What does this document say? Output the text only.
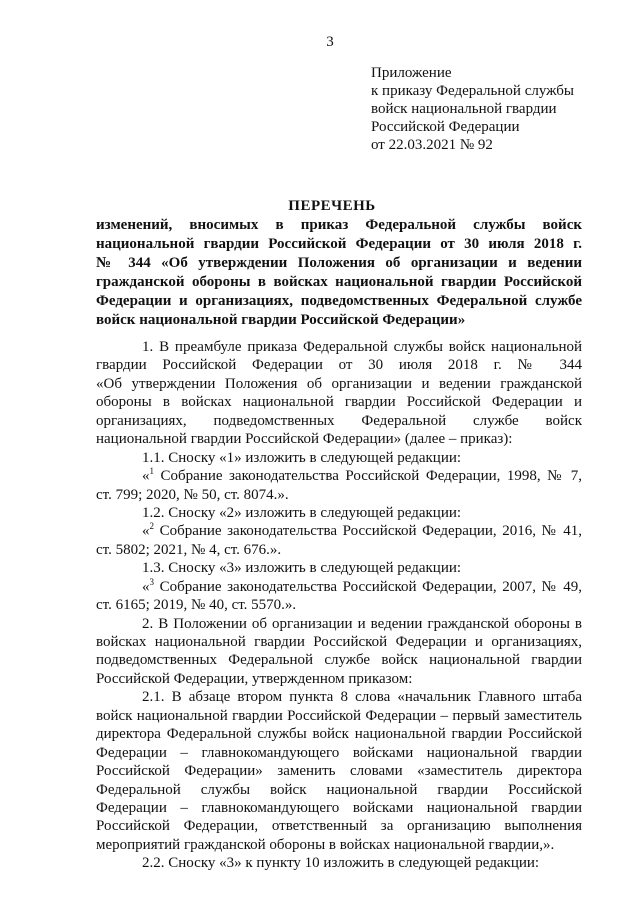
3
Приложение
к приказу Федеральной службы
войск национальной гвардии
Российской Федерации
от 22.03.2021 № 92
ПЕРЕЧЕНЬ
изменений, вносимых в приказ Федеральной службы войск
национальной гвардии Российской Федерации от 30 июля 2018 г.
№ 344 «Об утверждении Положения об организации и ведении
гражданской обороны в войсках национальной гвардии Российской
Федерации и организациях, подведомственных Федеральной службе
войск национальной гвардии Российской Федерации»
1. В преамбуле приказа Федеральной службы войск национальной
гвардии Российской Федерации от 30 июля 2018 г. № 344
«Об утверждении Положения об организации и ведении гражданской
обороны в войсках национальной гвардии Российской Федерации и
организациях, подведомственных Федеральной службе войск
национальной гвардии Российской Федерации» (далее – приказ):
1.1. Сноску «1» изложить в следующей редакции:
«$^1$ Собрание законодательства Российской Федерации, 1998, № 7,
ст. 799; 2020, № 50, ст. 8074.».
1.2. Сноску «2» изложить в следующей редакции:
«$^2$ Собрание законодательства Российской Федерации, 2016, № 41,
ст. 5802; 2021, № 4, ст. 676.».
1.3. Сноску «3» изложить в следующей редакции:
«$^3$ Собрание законодательства Российской Федерации, 2007, № 49,
ст. 6165; 2019, № 40, ст. 5570.».
2. В Положении об организации и ведении гражданской обороны в
войсках национальной гвардии Российской Федерации и организациях,
подведомственных Федеральной службе войск национальной гвардии
Российской Федерации, утвержденном приказом:
2.1. В абзаце втором пункта 8 слова «начальник Главного штаба
войск национальной гвардии Российской Федерации – первый заместитель
директора Федеральной службы войск национальной гвардии Российской
Федерации – главнокомандующего войсками национальной гвардии
Российской Федерации» заменить словами «заместитель директора
Федеральной службы войск национальной гвардии Российской
Федерации – главнокомандующего войсками национальной гвардии
Российской Федерации, ответственный за организацию выполнения
мероприятий гражданской обороны в войсках национальной гвардии,».
2.2. Сноску «3» к пункту 10 изложить в следующей редакции:
